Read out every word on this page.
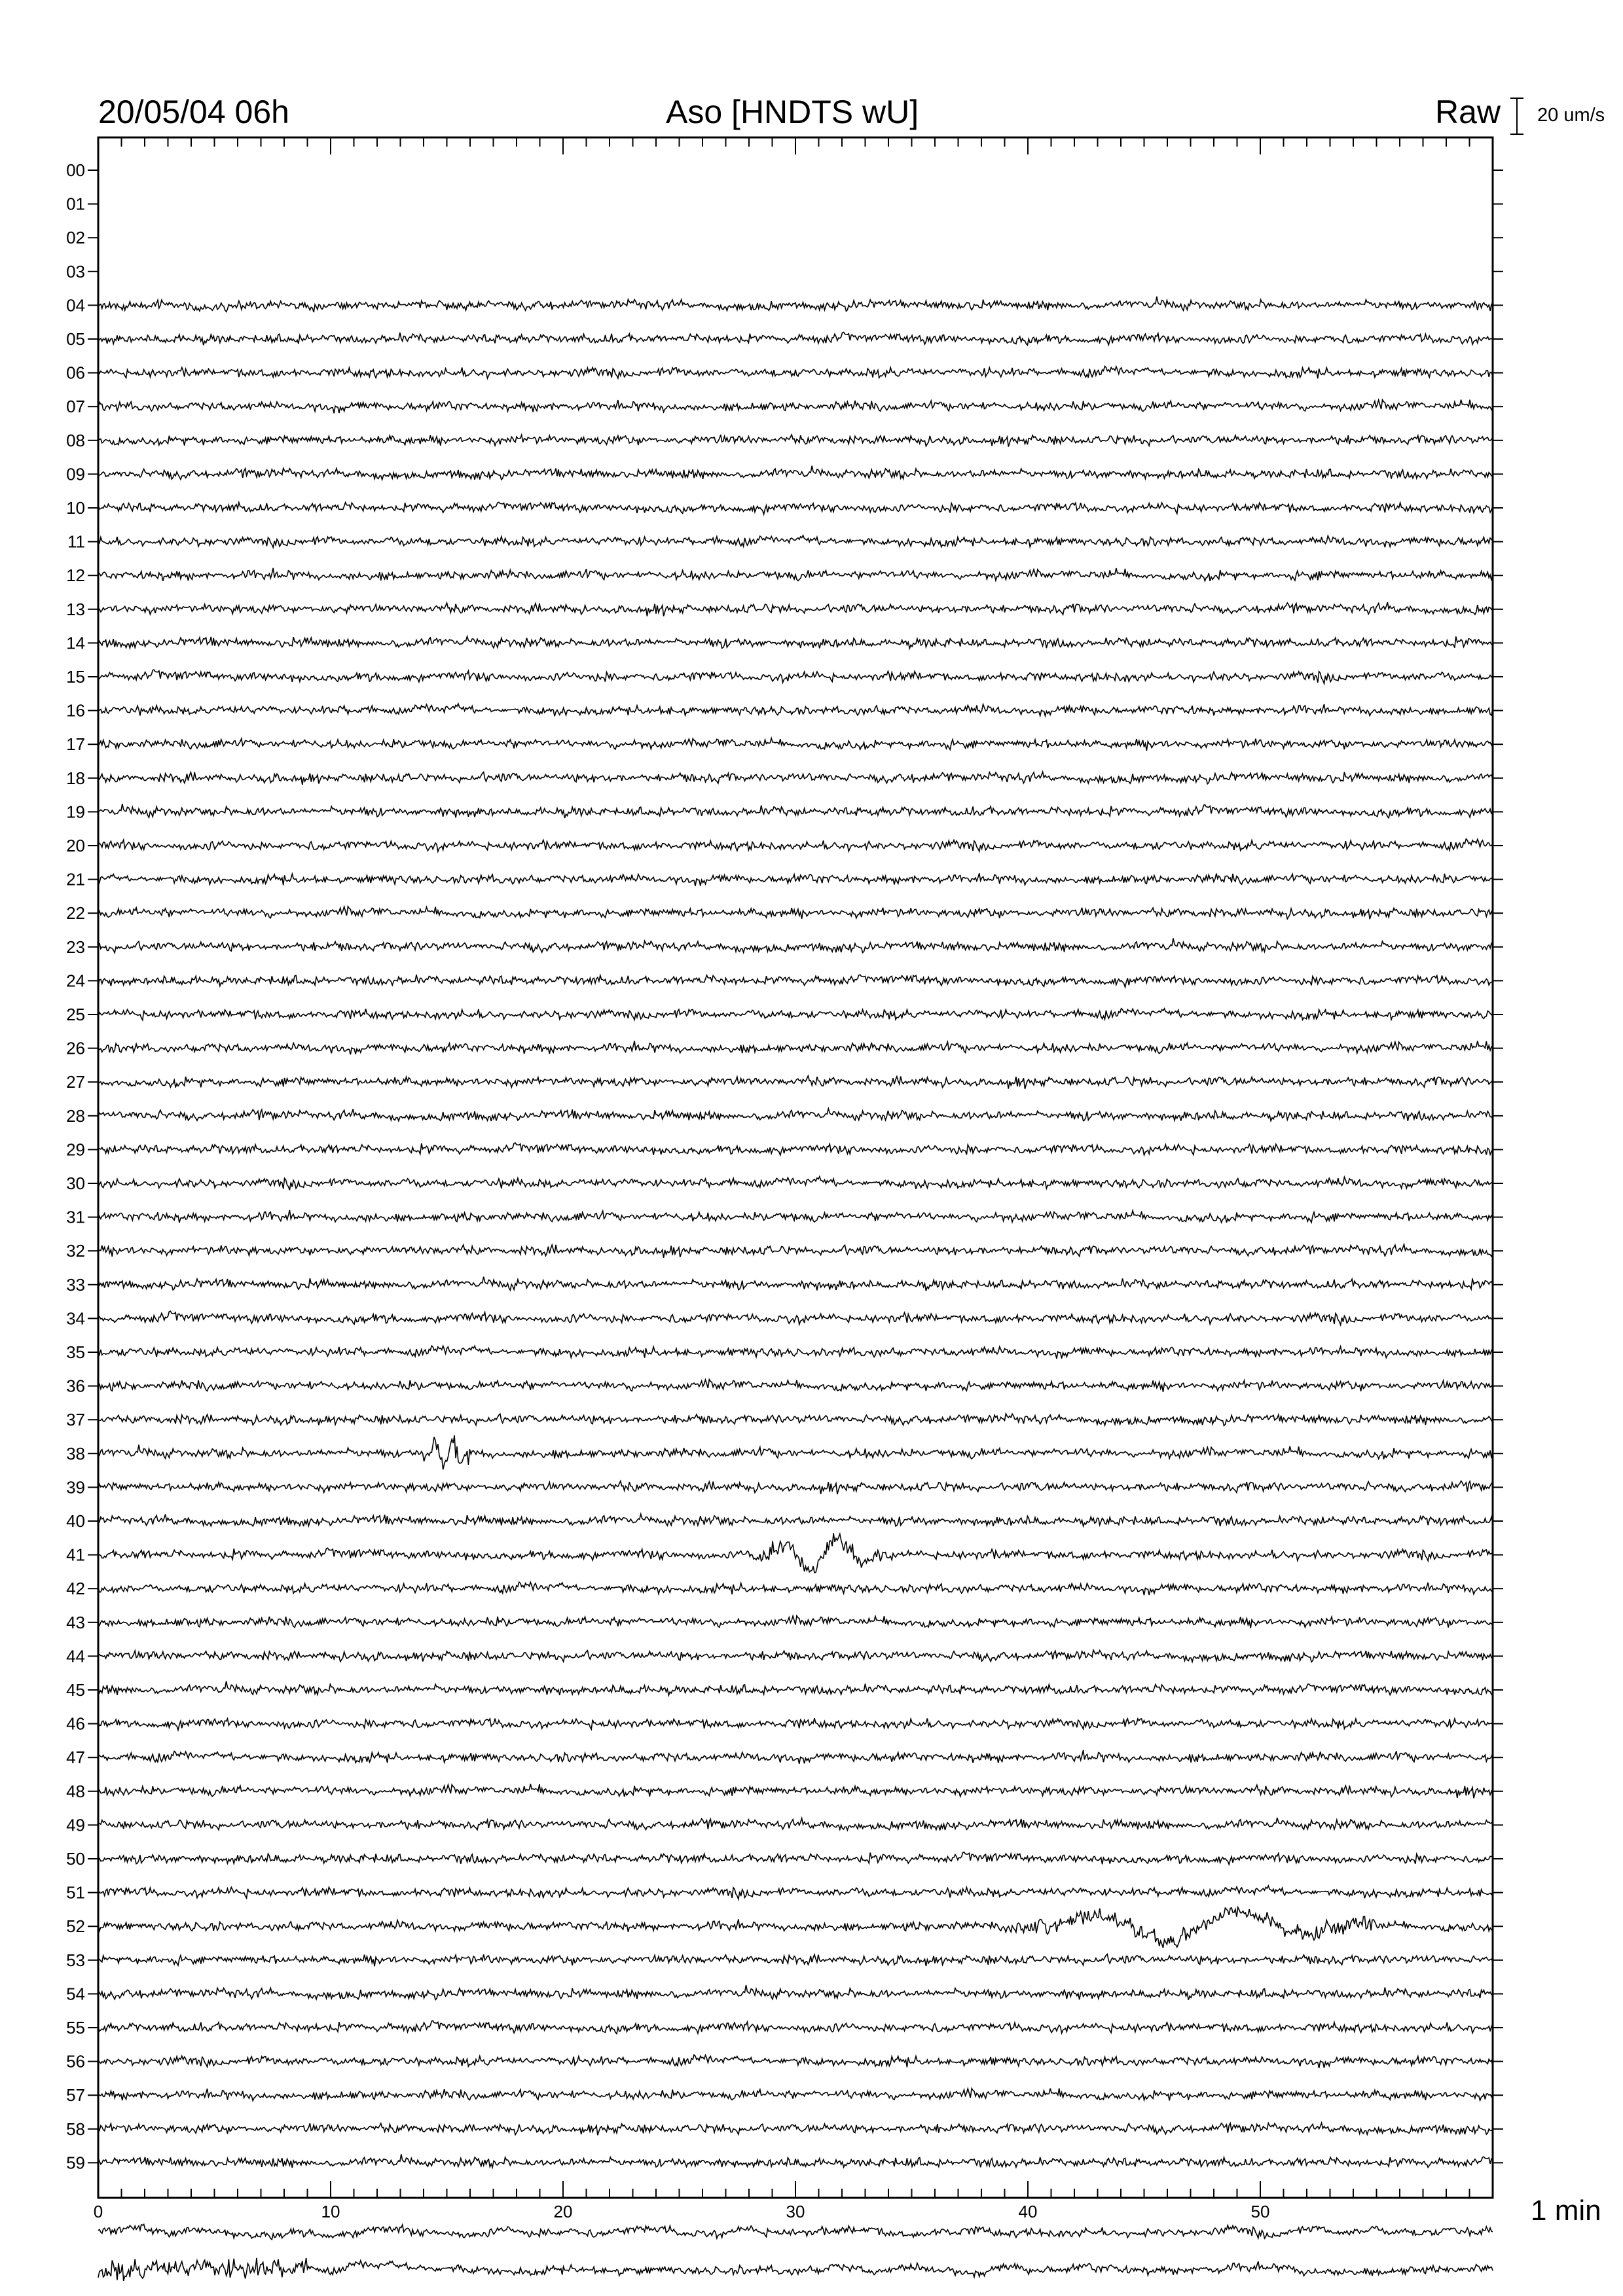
00
01
02
03
04
05
06
07
08
09
10
11
12
13
14
15
16
17
18
19
20
21
22
23
24
25
26
27
28
29
30
31
32
33
34
35
36
37
38
39
40
41
42
43
44
45
46
47
48
49
50
51
52
53
54
55
56
57
58
59
0	10	20	30	40	50
20/05/04 06h	Aso [HNDTS wU]	Raw 20 um/s
1 min
